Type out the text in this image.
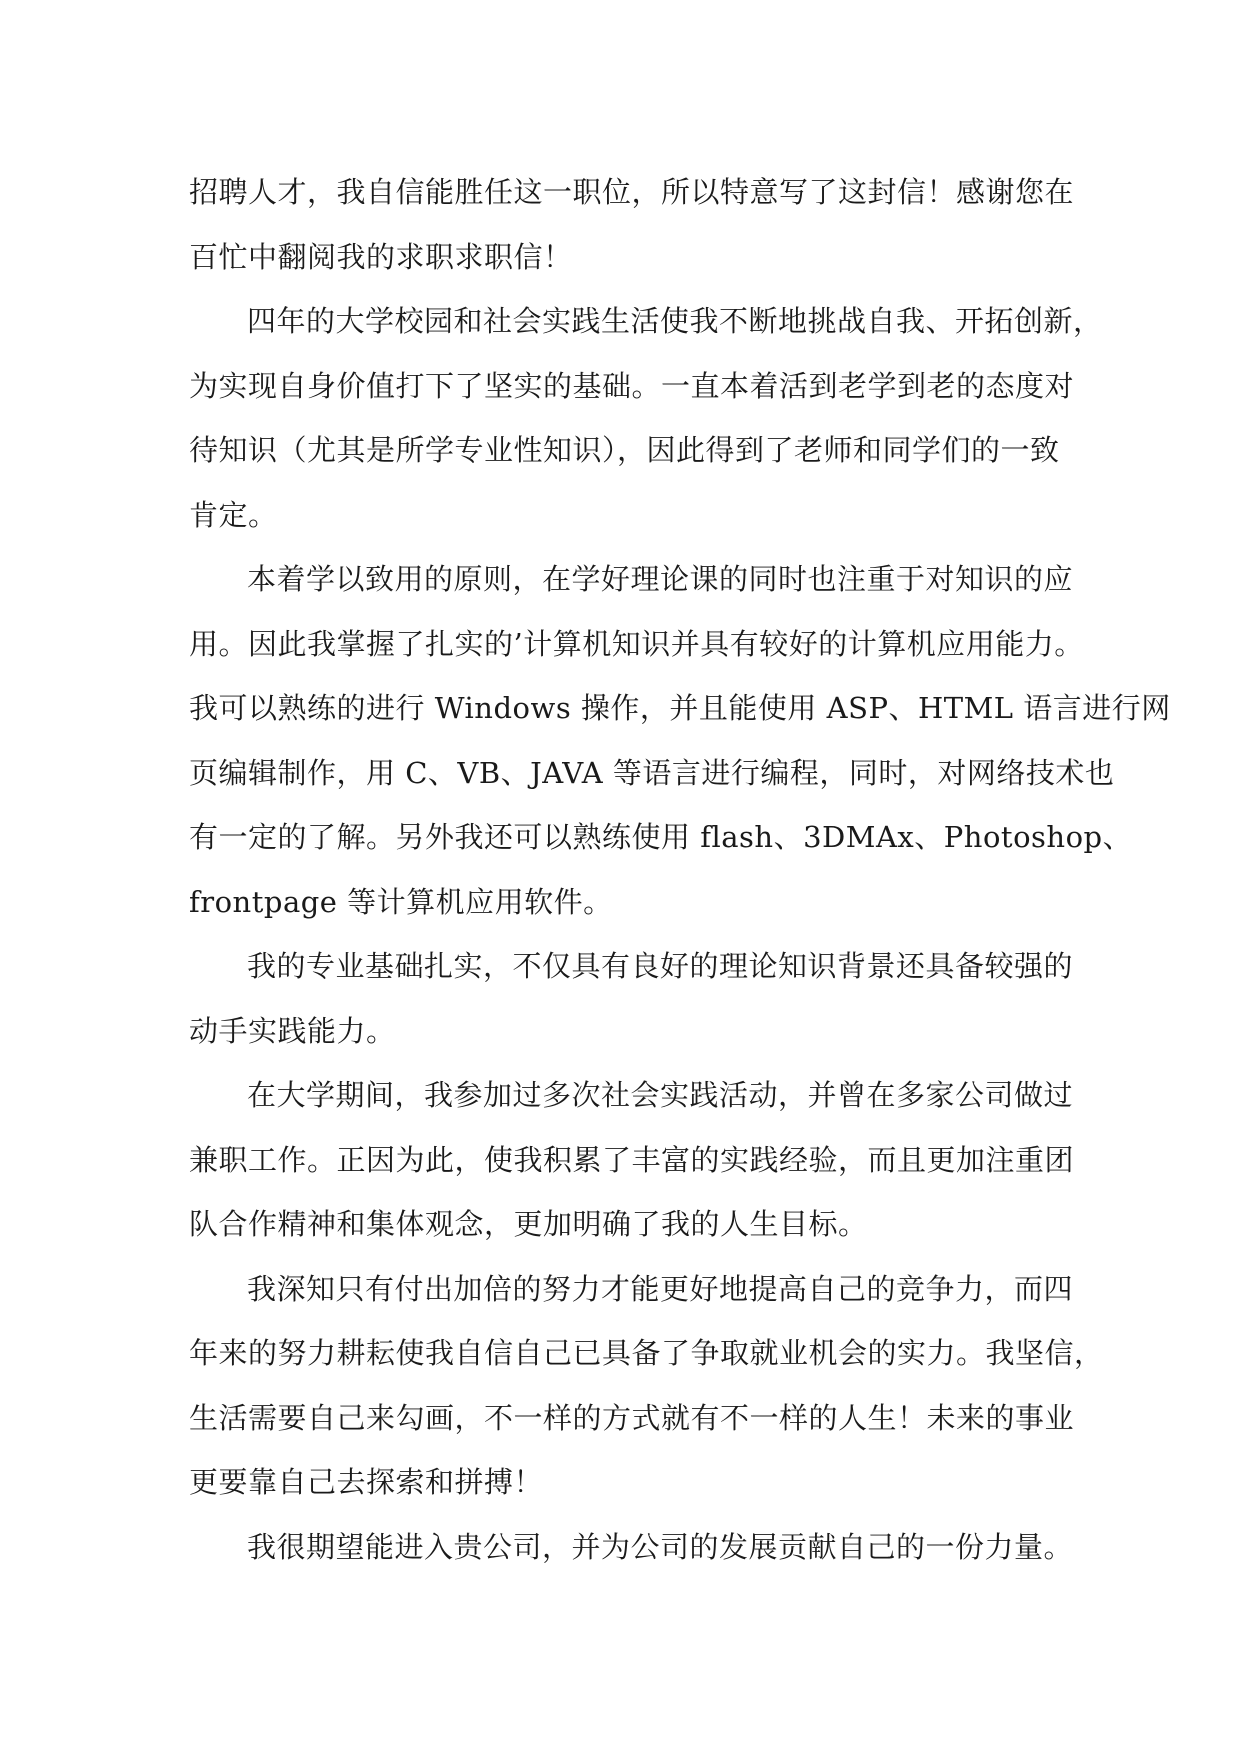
招聘人才，我自信能胜任这一职位，所以特意写了这封信！感谢您在
百忙中翻阅我的求职求职信！
四年的大学校园和社会实践生活使我不断地挑战自我、开拓创新，
为实现自身价值打下了坚实的基础。一直本着活到老学到老的态度对
待知识（尤其是所学专业性知识），因此得到了老师和同学们的一致
肯定。
本着学以致用的原则，在学好理论课的同时也注重于对知识的应
用。因此我掌握了扎实的’计算机知识并具有较好的计算机应用能力。
我可以熟练的进行 Windows 操作，并且能使用 ASP、HTML 语言进行网
页编辑制作，用 C、VB、JAVA 等语言进行编程，同时，对网络技术也
有一定的了解。另外我还可以熟练使用 flash、3DMAx、Photoshop、
frontpage 等计算机应用软件。
我的专业基础扎实，不仅具有良好的理论知识背景还具备较强的
动手实践能力。
在大学期间，我参加过多次社会实践活动，并曾在多家公司做过
兼职工作。正因为此，使我积累了丰富的实践经验，而且更加注重团
队合作精神和集体观念，更加明确了我的人生目标。
我深知只有付出加倍的努力才能更好地提高自己的竞争力，而四
年来的努力耕耘使我自信自己已具备了争取就业机会的实力。我坚信，
生活需要自己来勾画，不一样的方式就有不一样的人生！未来的事业
更要靠自己去探索和拼搏！
我很期望能进入贵公司，并为公司的发展贡献自己的一份力量。
